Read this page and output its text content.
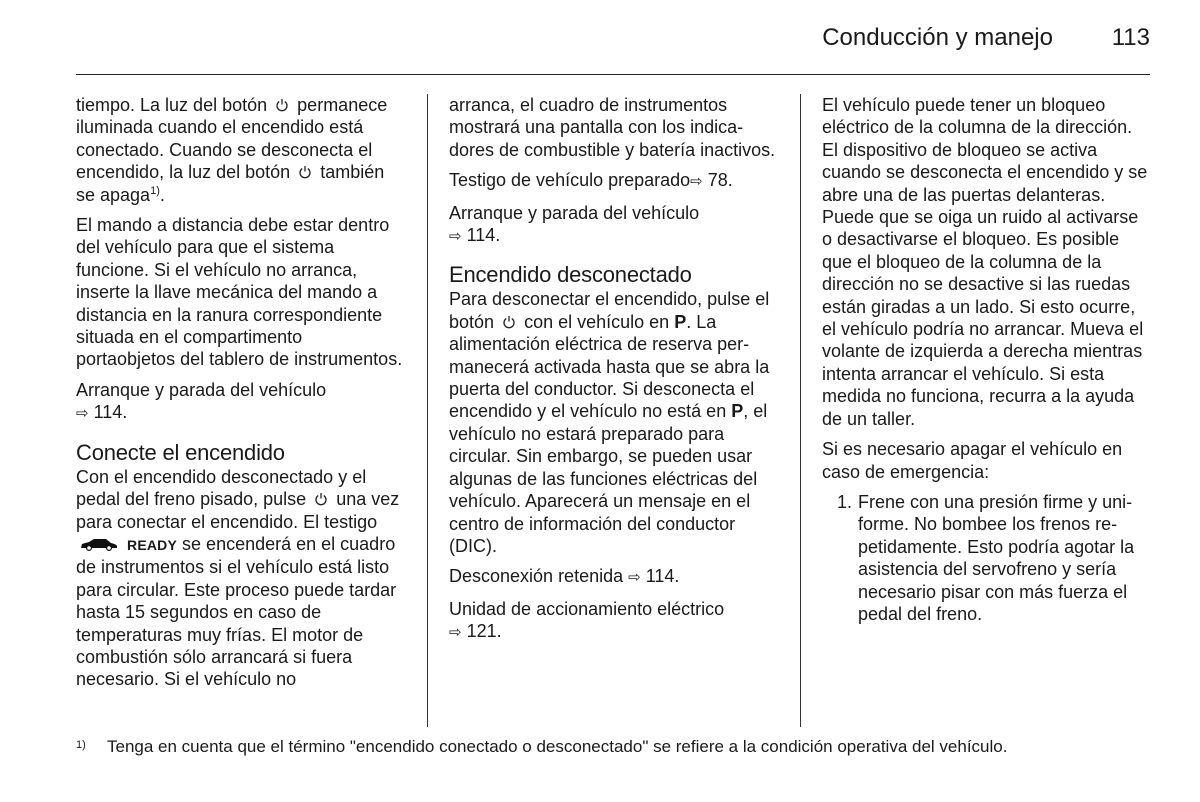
Conducción y manejo 113

tiempo. La luz del botón permanece iluminada cuando el encendido está conectado. Cuando se desconecta el encendido, la luz del botón también se apaga$^{1)}$.

El mando a distancia debe estar dentro del vehículo para que el sistema funcione. Si el vehículo no arranca, inserte la llave mecánica del mando a distancia en la ranura correspondiente situada en el compartimento portaobjetos del tablero de instrumentos.

Arranque y parada del vehículo
⇨ 114.

Conecte el encendido

Con el encendido desconectado y el pedal del freno pisado, pulse una vez para conectar el encendido. El testigo  READY se encenderá en el cuadro de instrumentos si el vehículo está listo para circular. Este proceso puede tardar hasta 15 segundos en caso de temperaturas muy frías. El motor de combustión sólo arrancará si fuera necesario. Si el vehículo no

arranca, el cuadro de instrumentos mostrará una pantalla con los indicadores de combustible y batería inactivos.

Testigo de vehículo preparado⇨ 78.

Arranque y parada del vehículo
⇨ 114.

Encendido desconectado

Para desconectar el encendido, pulse el botón con el vehículo en P. La alimentación eléctrica de reserva permanecerá activada hasta que se abra la puerta del conductor. Si desconecta el encendido y el vehículo no está en P, el vehículo no estará preparado para circular. Sin embargo, se pueden usar algunas de las funciones eléctricas del vehículo. Aparecerá un mensaje en el centro de información del conductor (DIC).

Desconexión retenida ⇨ 114.

Unidad de accionamiento eléctrico
⇨ 121.

El vehículo puede tener un bloqueo eléctrico de la columna de la dirección. El dispositivo de bloqueo se activa cuando se desconecta el encendido y se abre una de las puertas delanteras. Puede que se oiga un ruido al activarse o desactivarse el bloqueo. Es posible que el bloqueo de la columna de la dirección no se desactive si las ruedas están giradas a un lado. Si esto ocurre, el vehículo podría no arrancar. Mueva el volante de izquierda a derecha mientras intenta arrancar el vehículo. Si esta medida no funciona, recurra a la ayuda de un taller.

Si es necesario apagar el vehículo en caso de emergencia:

1. Frene con una presión firme y uniforme. No bombee los frenos repetidamente. Esto podría agotar la asistencia del servofreno y sería necesario pisar con más fuerza el pedal del freno.
1) Tenga en cuenta que el término "encendido conectado o desconectado" se refiere a la condición operativa del vehículo.
